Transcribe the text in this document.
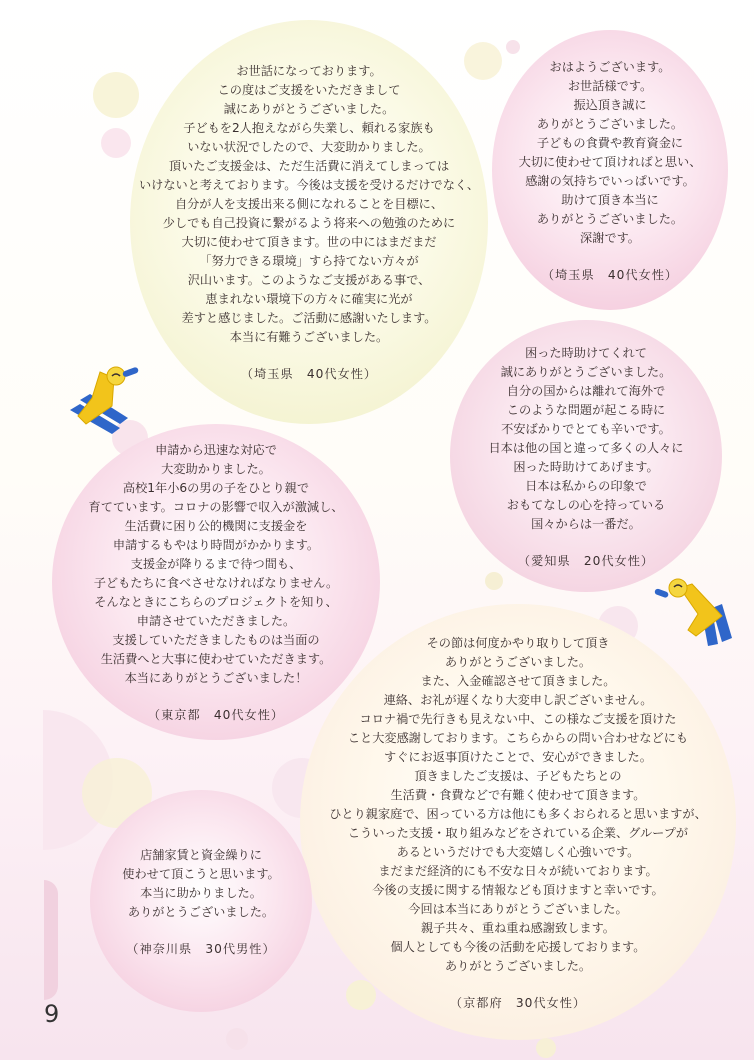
お世話になっております。
この度はご支援をいただきまして
誠にありがとうございました。
子どもを2人抱えながら失業し、頼れる家族も
いない状況でしたので、大変助かりました。
頂いたご支援金は、ただ生活費に消えてしまっては
いけないと考えております。今後は支援を受けるだけでなく、
自分が人を支援出来る側になれることを目標に、
少しでも自己投資に繋がるよう将来への勉強のために
大切に使わせて頂きます。世の中にはまだまだ
「努力できる環境」すら持てない方々が
沢山います。このようなご支援がある事で、
恵まれない環境下の方々に確実に光が
差すと感じました。ご活動に感謝いたします。
本当に有難うございました。
（埼玉県　40代女性）
おはようございます。
お世話様です。
振込頂き誠に
ありがとうございました。
子どもの食費や教育資金に
大切に使わせて頂ければと思い、
感謝の気持ちでいっぱいです。
助けて頂き本当に
ありがとうございました。
深謝です。
（埼玉県　40代女性）
困った時助けてくれて
誠にありがとうございました。
自分の国からは離れて海外で
このような問題が起こる時に
不安ばかりでとても辛いです。
日本は他の国と違って多くの人々に
困った時助けてあげます。
日本は私からの印象で
おもてなしの心を持っている
国々からは一番だ。
（愛知県　20代女性）
申請から迅速な対応で
大変助かりました。
高校1年小6の男の子をひとり親で
育てています。コロナの影響で収入が激減し、
生活費に困り公的機関に支援金を
申請するもやはり時間がかかります。
支援金が降りるまで待つ間も、
子どもたちに食べさせなければなりません。
そんなときにこちらのプロジェクトを知り、
申請させていただきました。
支援していただきましたものは当面の
生活費へと大事に使わせていただきます。
本当にありがとうございました！
（東京都　40代女性）
その節は何度かやり取りして頂き
ありがとうございました。
また、入金確認させて頂きました。
連絡、お礼が遅くなり大変申し訳ございません。
コロナ禍で先行きも見えない中、この様なご支援を頂けた
こと大変感謝しております。こちらからの問い合わせなどにも
すぐにお返事頂けたことで、安心ができました。
頂きましたご支援は、子どもたちとの
生活費・食費などで有難く使わせて頂きます。
ひとり親家庭で、困っている方は他にも多くおられると思いますが、
こういった支援・取り組みなどをされている企業、グループが
あるというだけでも大変嬉しく心強いです。
まだまだ経済的にも不安な日々が続いております。
今後の支援に関する情報なども頂けますと幸いです。
今回は本当にありがとうございました。
親子共々、重ね重ね感謝致します。
個人としても今後の活動を応援しております。
ありがとうございました。
（京都府　30代女性）
店舗家賃と資金繰りに
使わせて頂こうと思います。
本当に助かりました。
ありがとうございました。
（神奈川県　30代男性）
9
